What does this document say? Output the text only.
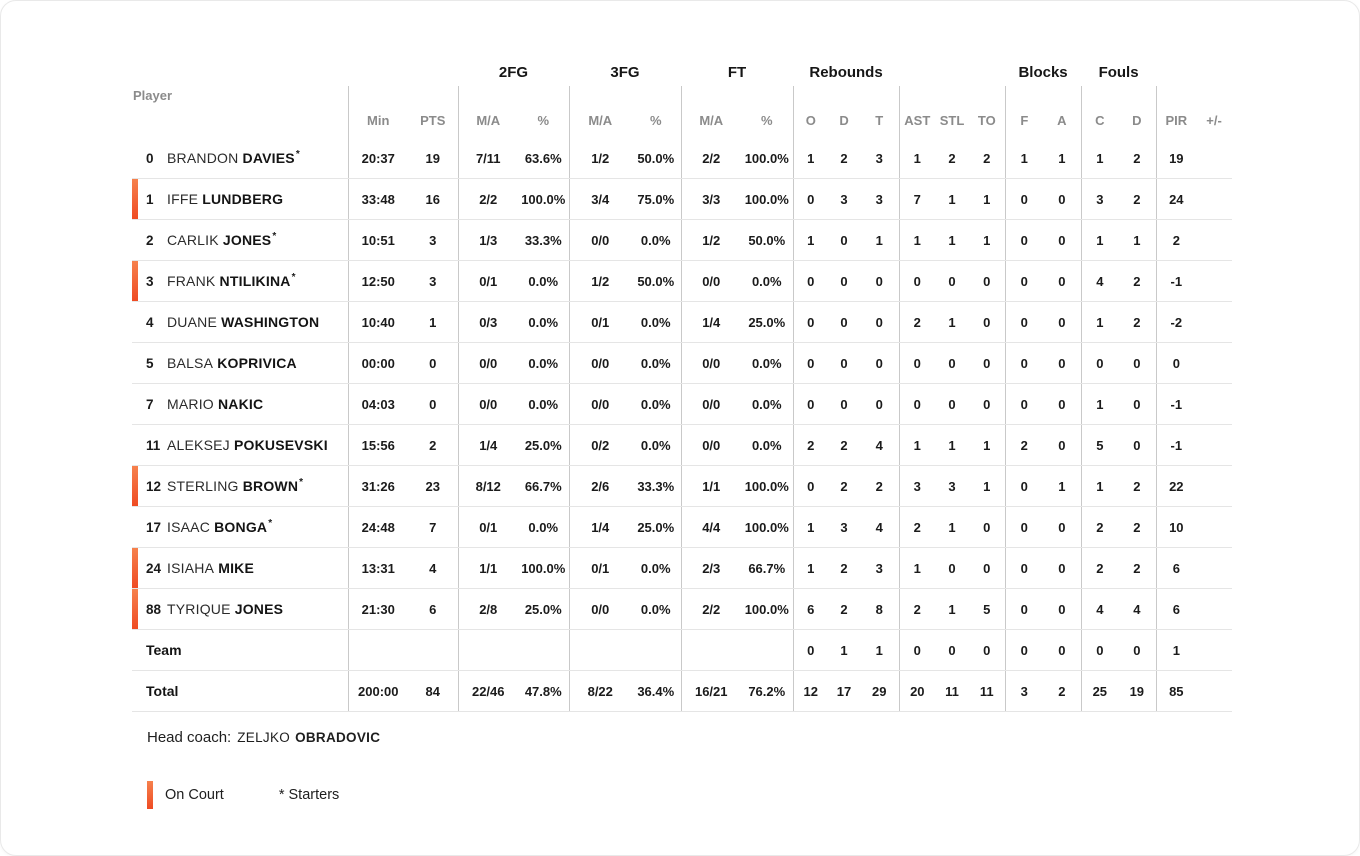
			2FG		3FG		FT		Rebounds						Blocks		Fouls			
Player	Min	PTS	M/A	%	M/A	%	M/A	%	O	D	T	AST	STL	TO	F	A	C	D	PIR	+/-

0 BRANDON DAVIES*	20:37	19	7/11	63.6%	1/2	50.0%	2/2	100.0%	1	2	3	1	2	2	1	1	1	2	19	

1 IFFE LUNDBERG	33:48	16	2/2	100.0%	3/4	75.0%	3/3	100.0%	0	3	3	7	1	1	0	0	3	2	24	

2 CARLIK JONES*	10:51	3	1/3	33.3%	0/0	0.0%	1/2	50.0%	1	0	1	1	1	1	0	0	1	1	2	

3 FRANK NTILIKINA*	12:50	3	0/1	0.0%	1/2	50.0%	0/0	0.0%	0	0	0	0	0	0	0	0	4	2	-1	

4 DUANE WASHINGTON	10:40	1	0/3	0.0%	0/1	0.0%	1/4	25.0%	0	0	0	2	1	0	0	0	1	2	-2	

5 BALSA KOPRIVICA	00:00	0	0/0	0.0%	0/0	0.0%	0/0	0.0%	0	0	0	0	0	0	0	0	0	0	0	

7 MARIO NAKIC	04:03	0	0/0	0.0%	0/0	0.0%	0/0	0.0%	0	0	0	0	0	0	0	0	1	0	-1	

11 ALEKSEJ POKUSEVSKI	15:56	2	1/4	25.0%	0/2	0.0%	0/0	0.0%	2	2	4	1	1	1	2	0	5	0	-1	

12 STERLING BROWN*	31:26	23	8/12	66.7%	2/6	33.3%	1/1	100.0%	0	2	2	3	3	1	0	1	1	2	22	

17 ISAAC BONGA*	24:48	7	0/1	0.0%	1/4	25.0%	4/4	100.0%	1	3	4	2	1	0	0	0	2	2	10	

24 ISIAHA MIKE	13:31	4	1/1	100.0%	0/1	0.0%	2/3	66.7%	1	2	3	1	0	0	0	0	2	2	6	

88 TYRIQUE JONES	21:30	6	2/8	25.0%	0/0	0.0%	2/2	100.0%	6	2	8	2	1	5	0	0	4	4	6	

Team									0	1	1	0	0	0	0	0	0	0	1	

Total	200:00	84	22/46	47.8%	8/22	36.4%	16/21	76.2%	12	17	29	20	11	11	3	2	25	19	85	
Head coach: ZELJKO OBRADOVIC
On Court	* Starters
